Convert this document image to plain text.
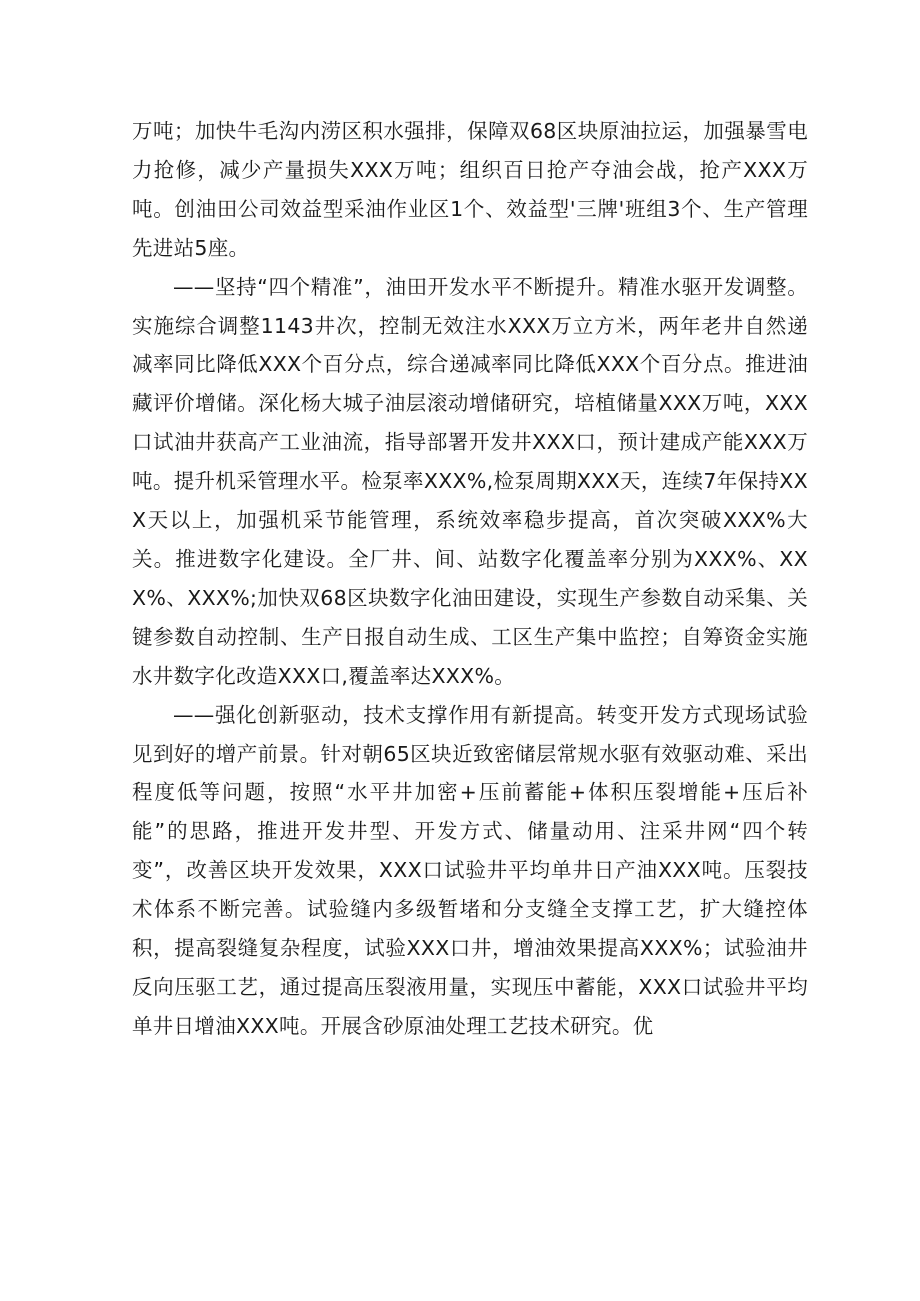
万吨；加快牛毛沟内涝区积水强排，保障双68区块原油拉运，加强暴雪电力抢修，减少产量损失XXX万吨；组织百日抢产夺油会战，抢产XXX万吨。创油田公司效益型采油作业区1个、效益型'三牌'班组3个、生产管理先进站5座。

——坚持“四个精准”，油田开发水平不断提升。精准水驱开发调整。实施综合调整1143井次，控制无效注水XXX万立方米，两年老井自然递减率同比降低XXX个百分点，综合递减率同比降低XXX个百分点。推进油藏评价增储。深化杨大城子油层滚动增储研究，培植储量XXX万吨，XXX口试油井获高产工业油流，指导部署开发井XXX口，预计建成产能XXX万吨。提升机采管理水平。检泵率XXX%,检泵周期XXX天，连续7年保持XXX天以上，加强机采节能管理，系统效率稳步提高，首次突破XXX%大关。推进数字化建设。全厂井、间、站数字化覆盖率分别为XXX%、XXX%、XXX%;加快双68区块数字化油田建设，实现生产参数自动采集、关键参数自动控制、生产日报自动生成、工区生产集中监控；自筹资金实施水井数字化改造XXX口,覆盖率达XXX%。

——强化创新驱动，技术支撑作用有新提高。转变开发方式现场试验见到好的增产前景。针对朝65区块近致密储层常规水驱有效驱动难、采出程度低等问题，按照“水平井加密+压前蓄能+体积压裂增能+压后补能”的思路，推进开发井型、开发方式、储量动用、注采井网“四个转变”，改善区块开发效果，XXX口试验井平均单井日产油XXX吨。压裂技术体系不断完善。试验缝内多级暂堵和分支缝全支撑工艺，扩大缝控体积，提高裂缝复杂程度，试验XXX口井，增油效果提高XXX%；试验油井反向压驱工艺，通过提高压裂液用量，实现压中蓄能，XXX口试验井平均单井日增油XXX吨。开展含砂原油处理工艺技术研究。优
